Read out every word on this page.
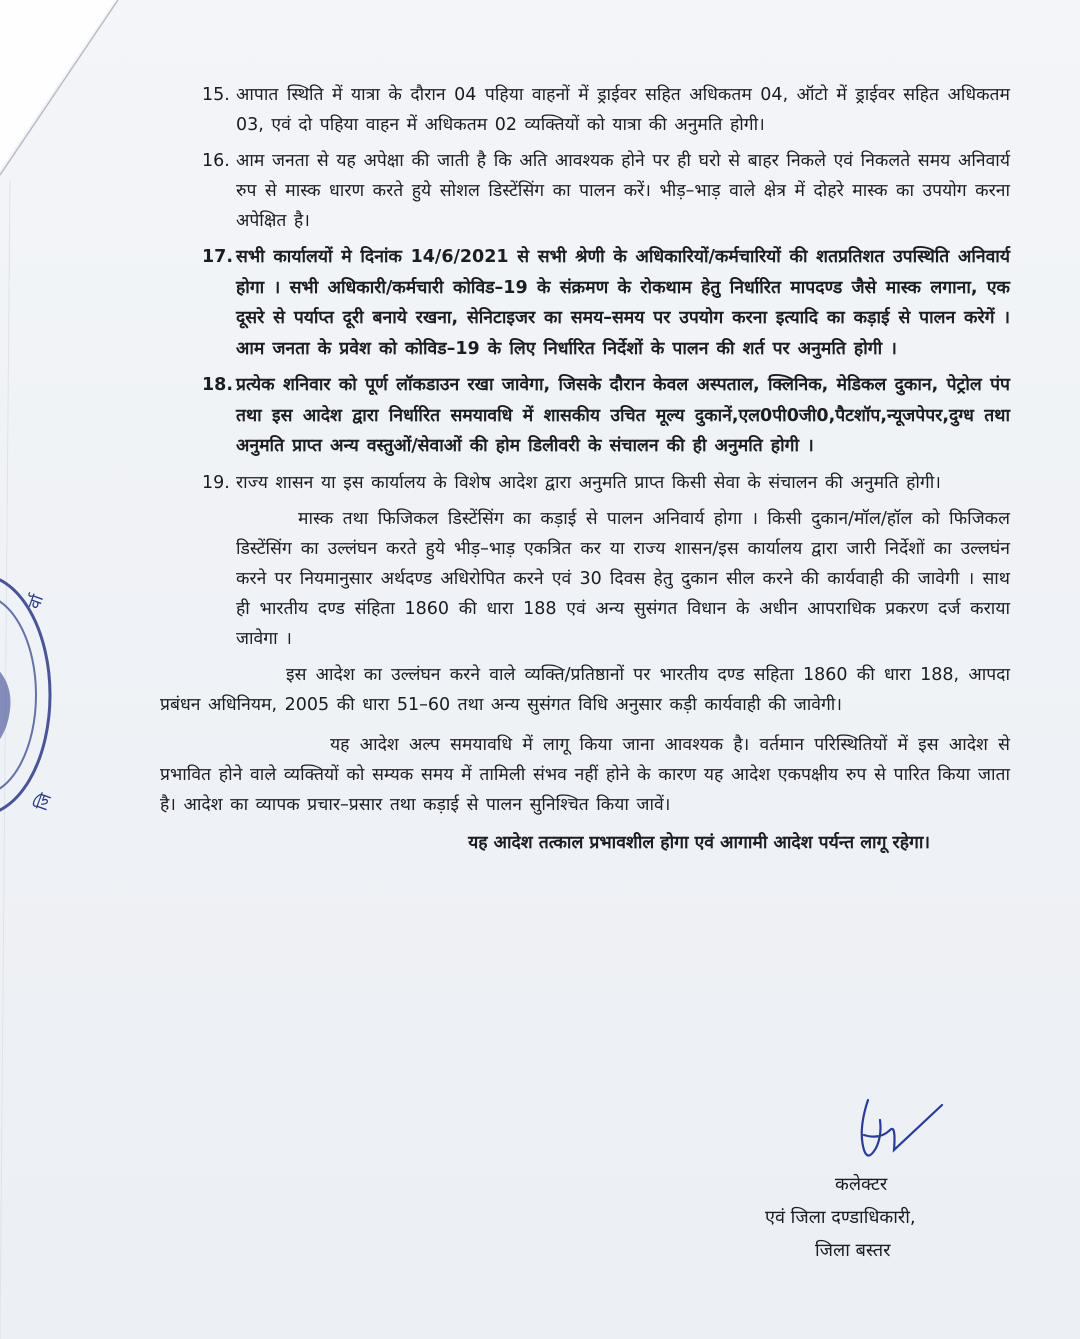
र्वा
जि
15. आपात स्थिति में यात्रा के दौरान 04 पहिया वाहनों में ड्राईवर सहित अधिकतम 04, ऑटो में ड्राईवर सहित अधिकतम 03, एवं दो पहिया वाहन में अधिकतम 02 व्यक्तियों को यात्रा की अनुमति होगी।
16. आम जनता से यह अपेक्षा की जाती है कि अति आवश्यक होने पर ही घरो से बाहर निकले एवं निकलते समय अनिवार्य रुप से मास्क धारण करते हुये सोशल डिस्टेंसिंग का पालन करें। भीड़–भाड़ वाले क्षेत्र में दोहरे मास्क का उपयोग करना अपेक्षित है।
17. सभी कार्यालयों मे दिनांक 14/6/2021 से सभी श्रेणी के अधिकारियों/कर्मचारियों की शतप्रतिशत उपस्थिति अनिवार्य होगा । सभी अधिकारी/कर्मचारी कोविड–19 के संक्रमण के रोकथाम हेतु निर्धारित मापदण्ड जैसे मास्क लगाना, एक दूसरे से पर्याप्त दूरी बनाये रखना, सेनिटाइजर का समय–समय पर उपयोग करना इत्यादि का कड़ाई से पालन करेगें । आम जनता के प्रवेश को कोविड–19 के लिए निर्धारित निर्देशों के पालन की शर्त पर अनुमति होगी ।
18. प्रत्येक शनिवार को पूर्ण लॉकडाउन रखा जावेगा, जिसके दौरान केवल अस्पताल, क्लिनिक, मेडिकल दुकान, पेट्रोल पंप तथा इस आदेश द्वारा निर्धारित समयावधि में शासकीय उचित मूल्य दुकानें,एल0पी0जी0,पैटशॉप,न्यूजपेपर,दुग्ध तथा अनुमति प्राप्त अन्य वस्तुओं/सेवाओं की होम डिलीवरी के संचालन की ही अनुमति होगी ।
19. राज्य शासन या इस कार्यालय के विशेष आदेश द्वारा अनुमति प्राप्त किसी सेवा के संचालन की अनुमति होगी।
मास्क तथा फिजिकल डिस्टेंसिंग का कड़ाई से पालन अनिवार्य होगा । किसी दुकान/मॉल/हॉल को फिजिकल डिस्टेंसिंग का उल्लंघन करते हुये भीड़–भाड़ एकत्रित कर या राज्य शासन/इस कार्यालय द्वारा जारी निर्देशों का उल्लघंन करने पर नियमानुसार अर्थदण्ड अधिरोपित करने एवं 30 दिवस हेतु दुकान सील करने की कार्यवाही की जावेगी । साथ ही भारतीय दण्ड संहिता 1860 की धारा 188 एवं अन्य सुसंगत विधान के अधीन आपराधिक प्रकरण दर्ज कराया जावेगा ।
इस आदेश का उल्लंघन करने वाले व्यक्ति/प्रतिष्ठानों पर भारतीय दण्ड सहिता 1860 की धारा 188, आपदा प्रबंधन अधिनियम, 2005 की धारा 51–60 तथा अन्य सुसंगत विधि अनुसार कड़ी कार्यवाही की जावेगी।
यह आदेश अल्प समयावधि में लागू किया जाना आवश्यक है। वर्तमान परिस्थितियों में इस आदेश से प्रभावित होने वाले व्यक्तियों को सम्यक समय में तामिली संभव नहीं होने के कारण यह आदेश एकपक्षीय रुप से पारित किया जाता है। आदेश का व्यापक प्रचार–प्रसार तथा कड़ाई से पालन सुनिश्चित किया जावें।
यह आदेश तत्काल प्रभावशील होगा एवं आगामी आदेश पर्यन्त लागू रहेगा।
कलेक्टर
एवं जिला दण्डाधिकारी,
जिला बस्तर
